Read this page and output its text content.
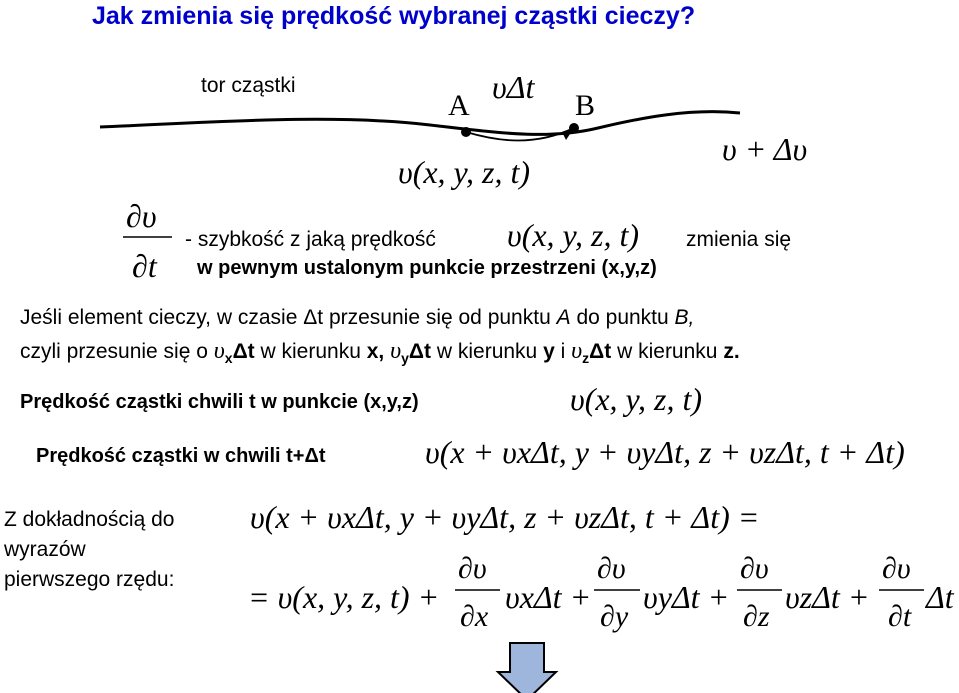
Jak zmienia się prędkość wybranej cząstki cieczy?
tor cząstki
A	B
υΔt
υ(x, y, z, t)
υ + Δυ
∂υ
∂t
- szybkość z jaką prędkość υ(x, y, z, t) zmienia się
w pewnym ustalonym punkcie przestrzeni (x,y,z)
Jeśli element cieczy, w czasie Δt przesunie się od punktu A do punktu B,
czyli przesunie się o $\upsilon_x\Delta t$ w kierunku x, $\upsilon_y\Delta t$ w kierunku y i $\upsilon_z\Delta t$ w kierunku z.
Prędkość cząstki chwili t w punkcie (x,y,z)	υ(x, y, z, t)
Prędkość cząstki w chwili t+Δt	υ(x + υxΔt, y + υyΔt, z + υzΔt, t + Δt)
Z dokładnością do
wyrazów
pierwszego rzędu:
υ(x + υxΔt, y + υyΔt, z + υzΔt, t + Δt) =
= υ(x, y, z, t) +
∂υ
∂x
υxΔt +
∂υ
∂y
υyΔt +
∂υ
∂z
υzΔt +
∂υ
∂t
Δt
